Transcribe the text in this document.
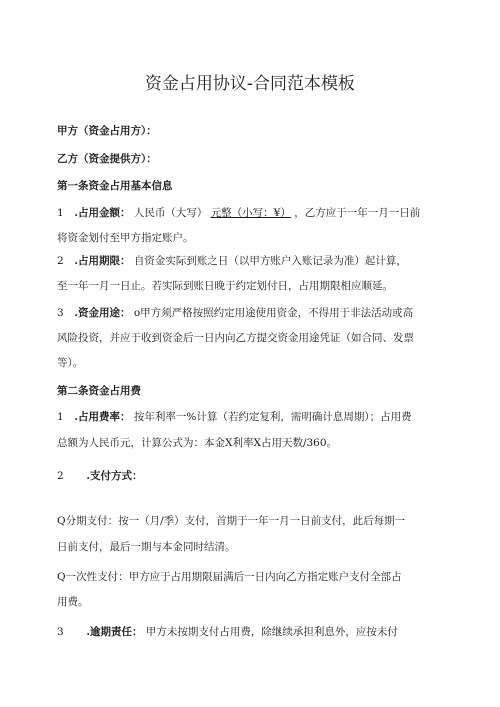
资金占用协议-合同范本模板
甲方（资金占用方）：
乙方（资金提供方）：
第一条资金占用基本信息
1 .占用金额： 人民币（大写） 元整（小写：¥） ，乙方应于一年一月一日前
将资金划付至甲方指定账户。
2 .占用期限： 自资金实际到账之日（以甲方账户入账记录为准）起计算，
至一年一月一日止。若实际到账日晚于约定划付日，占用期限相应顺延。
3 .资金用途： o甲方须严格按照约定用途使用资金，不得用于非法活动或高
风险投资，并应于收到资金后一日内向乙方提交资金用途凭证（如合同、发票
等）。
第二条资金占用费
1 .占用费率： 按年利率一%计算（若约定复利，需明确计息周期）；占用费
总额为人民币元，计算公式为：本金X利率X占用天数/360。
2 .支付方式：
Q分期支付：按一（月/季）支付，首期于一年一月一日前支付，此后每期一
日前支付，最后一期与本金同时结清。
Q一次性支付：甲方应于占用期限届满后一日内向乙方指定账户支付全部占
用费。
3 .逾期责任： 甲方未按期支付占用费，除继续承担利息外，应按未付
